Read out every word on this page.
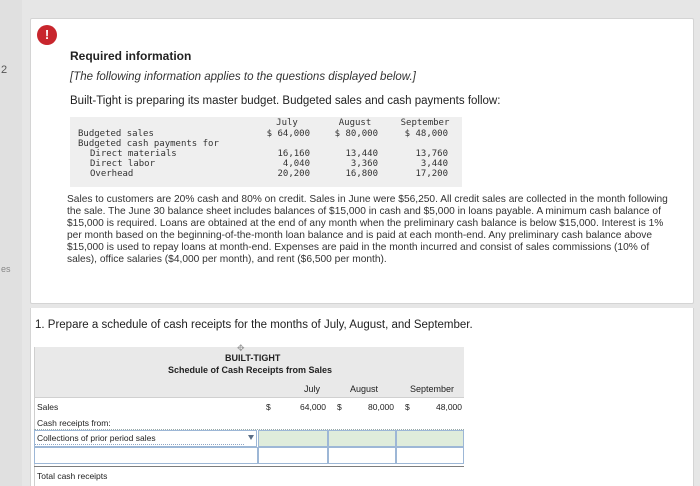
2
es
!
Required information
[The following information applies to the questions displayed below.]
Built-Tight is preparing its master budget. Budgeted sales and cash payments follow:
July	August	September
Budgeted sales	$ 64,000	$ 80,000	$ 48,000
Budgeted cash payments for
Direct materials	16,160	13,440	13,760
Direct labor	4,040	3,360	3,440
Overhead	20,200	16,800	17,200
Sales to customers are 20% cash and 80% on credit. Sales in June were $56,250. All credit sales are collected in the month following the sale. The June 30 balance sheet includes balances of $15,000 in cash and $5,000 in loans payable. A minimum cash balance of $15,000 is required. Loans are obtained at the end of any month when the preliminary cash balance is below $15,000. Interest is 1% per month based on the beginning-of-the-month loan balance and is paid at each month-end. Any preliminary cash balance above $15,000 is used to repay loans at month-end. Expenses are paid in the month incurred and consist of sales commissions (10% of sales), office salaries ($4,000 per month), and rent ($6,500 per month).
1. Prepare a schedule of cash receipts for the months of July, August, and September.
✥
BUILT-TIGHT
Schedule of Cash Receipts from Sales
July	August	September
Sales	$	64,000 $	80,000 $	48,000
Cash receipts from:
Collections of prior period sales
Total cash receipts
